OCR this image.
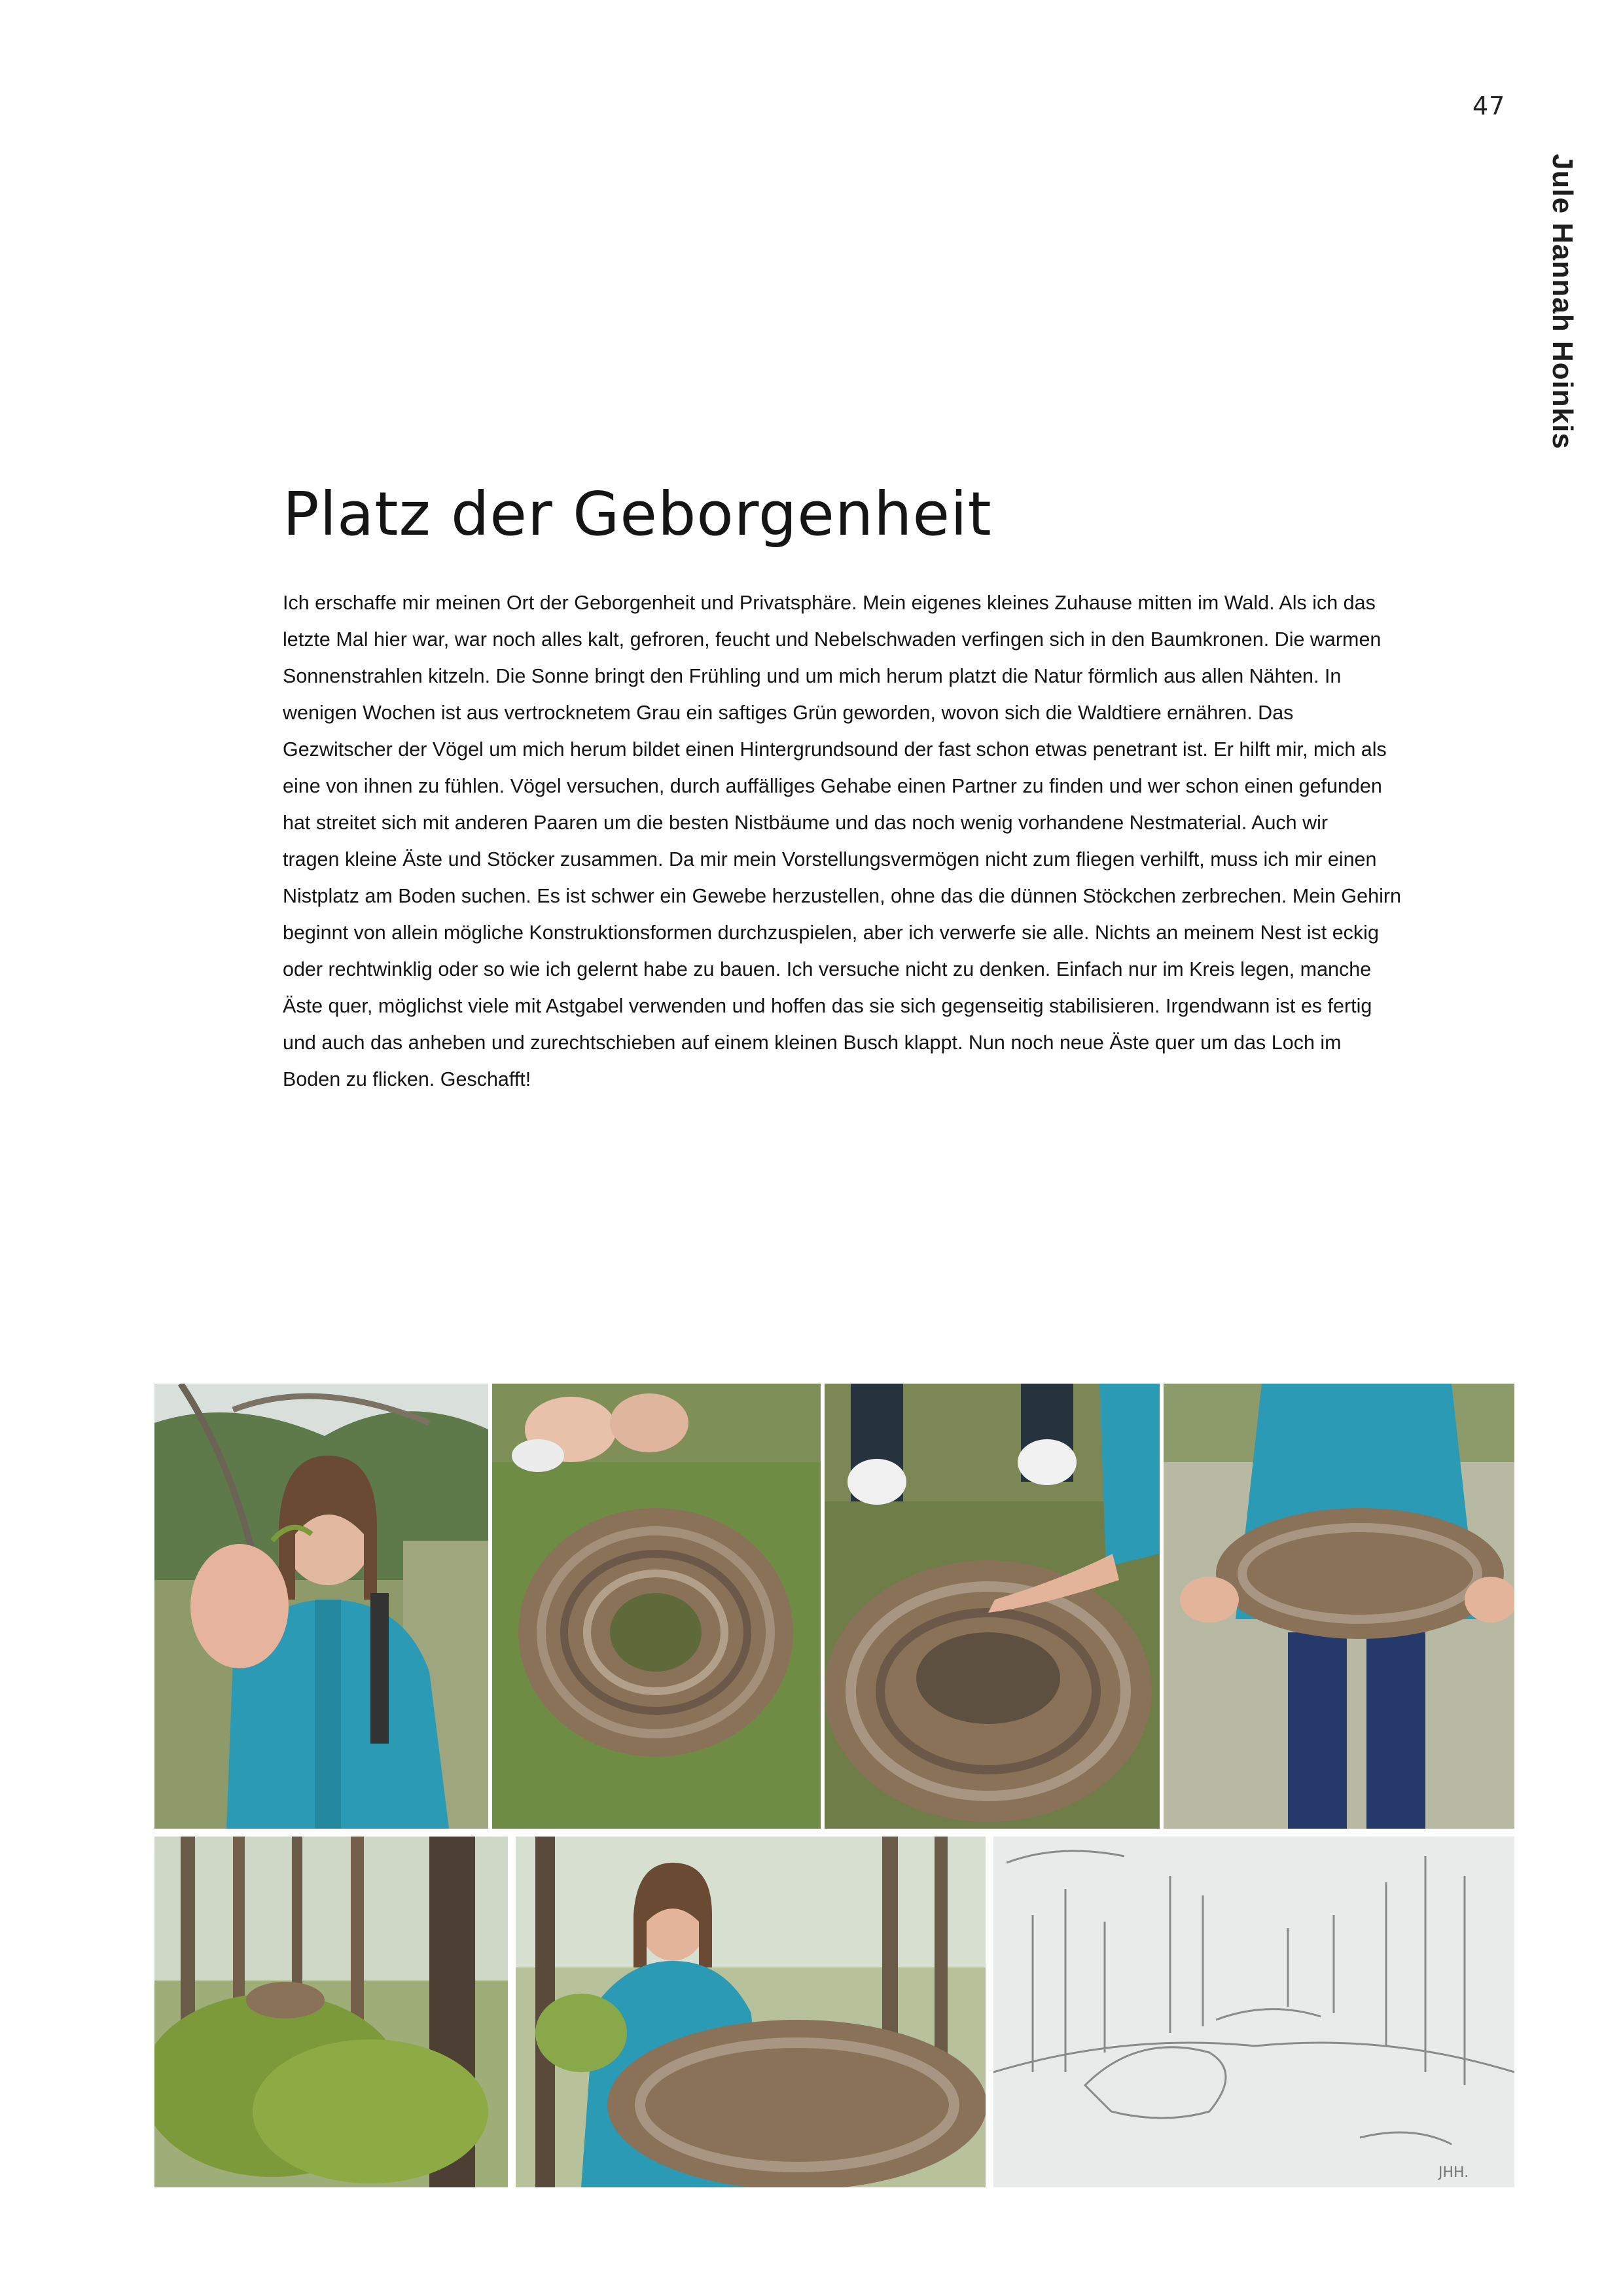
47
Jule Hannah Hoinkis
Platz der Geborgenheit
Ich erschaffe mir meinen Ort der Geborgenheit und Privatsphäre. Mein eigenes kleines Zuhause mitten im Wald. Als ich das
letzte Mal hier war, war noch alles kalt, gefroren, feucht und Nebelschwaden verfingen sich in den Baumkronen. Die warmen
Sonnenstrahlen kitzeln. Die Sonne bringt den Frühling und um mich herum platzt die Natur förmlich aus allen Nähten. In
wenigen Wochen ist aus vertrocknetem Grau ein saftiges Grün geworden, wovon sich die Waldtiere ernähren. Das
Gezwitscher der Vögel um mich herum bildet einen Hintergrundsound der fast schon etwas penetrant ist. Er hilft mir, mich als
eine von ihnen zu fühlen. Vögel versuchen, durch auffälliges Gehabe einen Partner zu finden und wer schon einen gefunden
hat streitet sich mit anderen Paaren um die besten Nistbäume und das noch wenig vorhandene Nestmaterial. Auch wir
tragen kleine Äste und Stöcker zusammen. Da mir mein Vorstellungsvermögen nicht zum fliegen verhilft, muss ich mir einen
Nistplatz am Boden suchen. Es ist schwer ein Gewebe herzustellen, ohne das die dünnen Stöckchen zerbrechen. Mein Gehirn
beginnt von allein mögliche Konstruktionsformen durchzuspielen, aber ich verwerfe sie alle. Nichts an meinem Nest ist eckig
oder rechtwinklig oder so wie ich gelernt habe zu bauen. Ich versuche nicht zu denken. Einfach nur im Kreis legen, manche
Äste quer, möglichst viele mit Astgabel verwenden und hoffen das sie sich gegenseitig stabilisieren. Irgendwann ist es fertig
und auch das anheben und zurechtschieben auf einem kleinen Busch klappt. Nun noch neue Äste quer um das Loch im
Boden zu flicken. Geschafft!
JHH.
